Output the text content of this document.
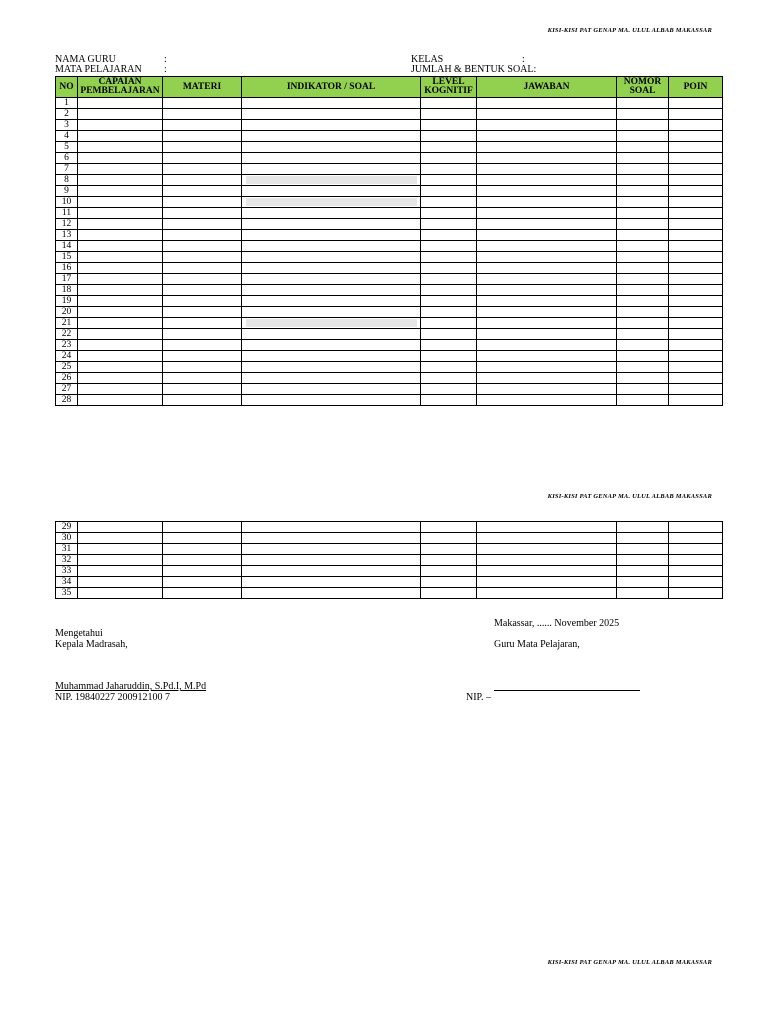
KISI-KISI PAT GENAP MA. ULUL ALBAB MAKASSAR
KISI-KISI PAT GENAP MA. ULUL ALBAB MAKASSAR
KISI-KISI PAT GENAP MA. ULUL ALBAB MAKASSAR
NAMA GURU	:
MATA PELAJARAN :
KELAS	:
JUMLAH & BENTUK SOAL:
NO	CAPAIAN PEMBELAJARAN	MATERI	INDIKATOR / SOAL	LEVEL KOGNITIF	JAWABAN	NOMOR SOAL	POIN
1							
2							
3							
4							
5							
6							
7							
8							
9							
10							
11							
12							
13							
14							
15							
16							
17							
18							
19							
20							
21							
22							
23							
24							
25							
26							
27							
28							
29							
30							
31							
32							
33							
34							
35							
Mengetahui
Kepala Madrasah,
Muhammad Jaharuddin, S.Pd.I, M.Pd
NIP. 19840227 200912100 7
Makassar, ...... November 2025
Guru Mata Pelajaran,
NIP. –
